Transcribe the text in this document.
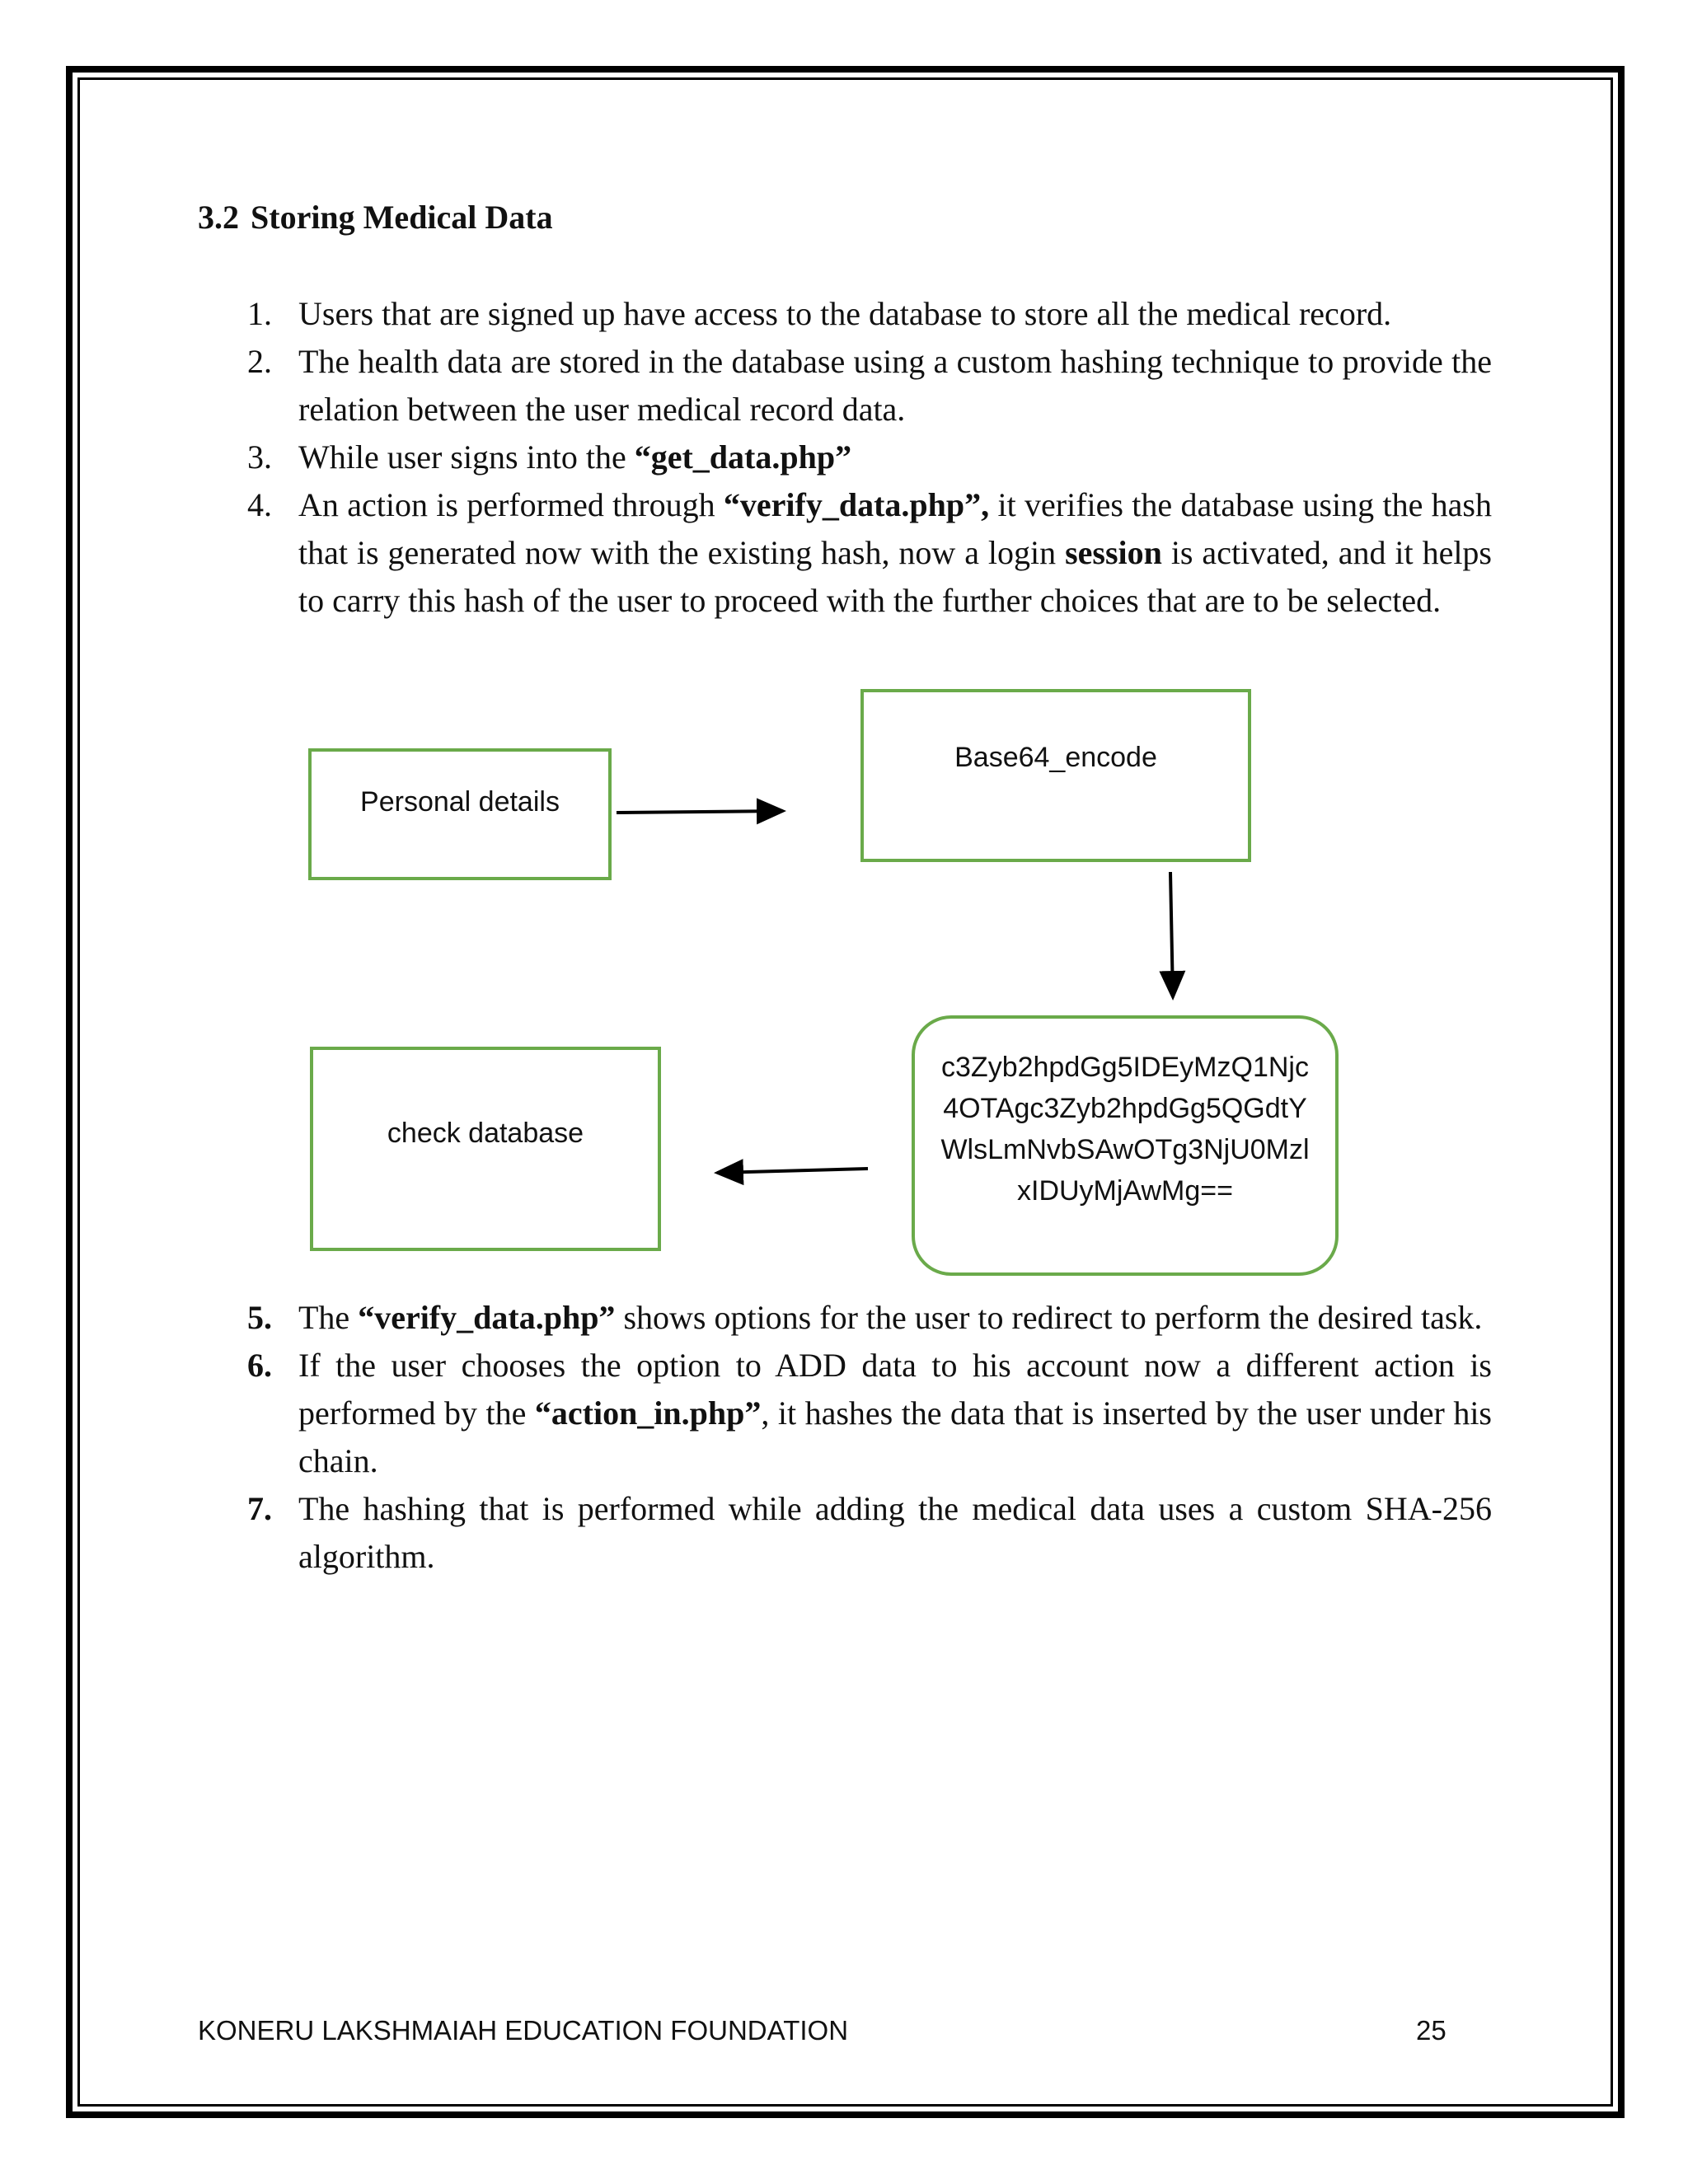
3.2 Storing Medical Data
1. Users that are signed up have access to the database to store all the medical record.
2. The health data are stored in the database using a custom hashing technique to provide the relation between the user medical record data.
3. While user signs into the “get_data.php”
4. An action is performed through “verify_data.php”, it verifies the database using the hash that is generated now with the existing hash, now a login session is activated, and it helps to carry this hash of the user to proceed with the further choices that are to be selected.
Personal details
Base64_encode
check database
c3Zyb2hpdGg5IDEyMzQ1Njc
4OTAgc3Zyb2hpdGg5QGdtY
WlsLmNvbSAwOTg3NjU0Mzl
xIDUyMjAwMg==
5. The “verify_data.php” shows options for the user to redirect to perform the desired task.
6. If the user chooses the option to ADD data to his account now a different action is performed by the “action_in.php”, it hashes the data that is inserted by the user under his chain.
7. The hashing that is performed while adding the medical data uses a custom SHA-256 algorithm.
KONERU LAKSHMAIAH EDUCATION FOUNDATION	25
